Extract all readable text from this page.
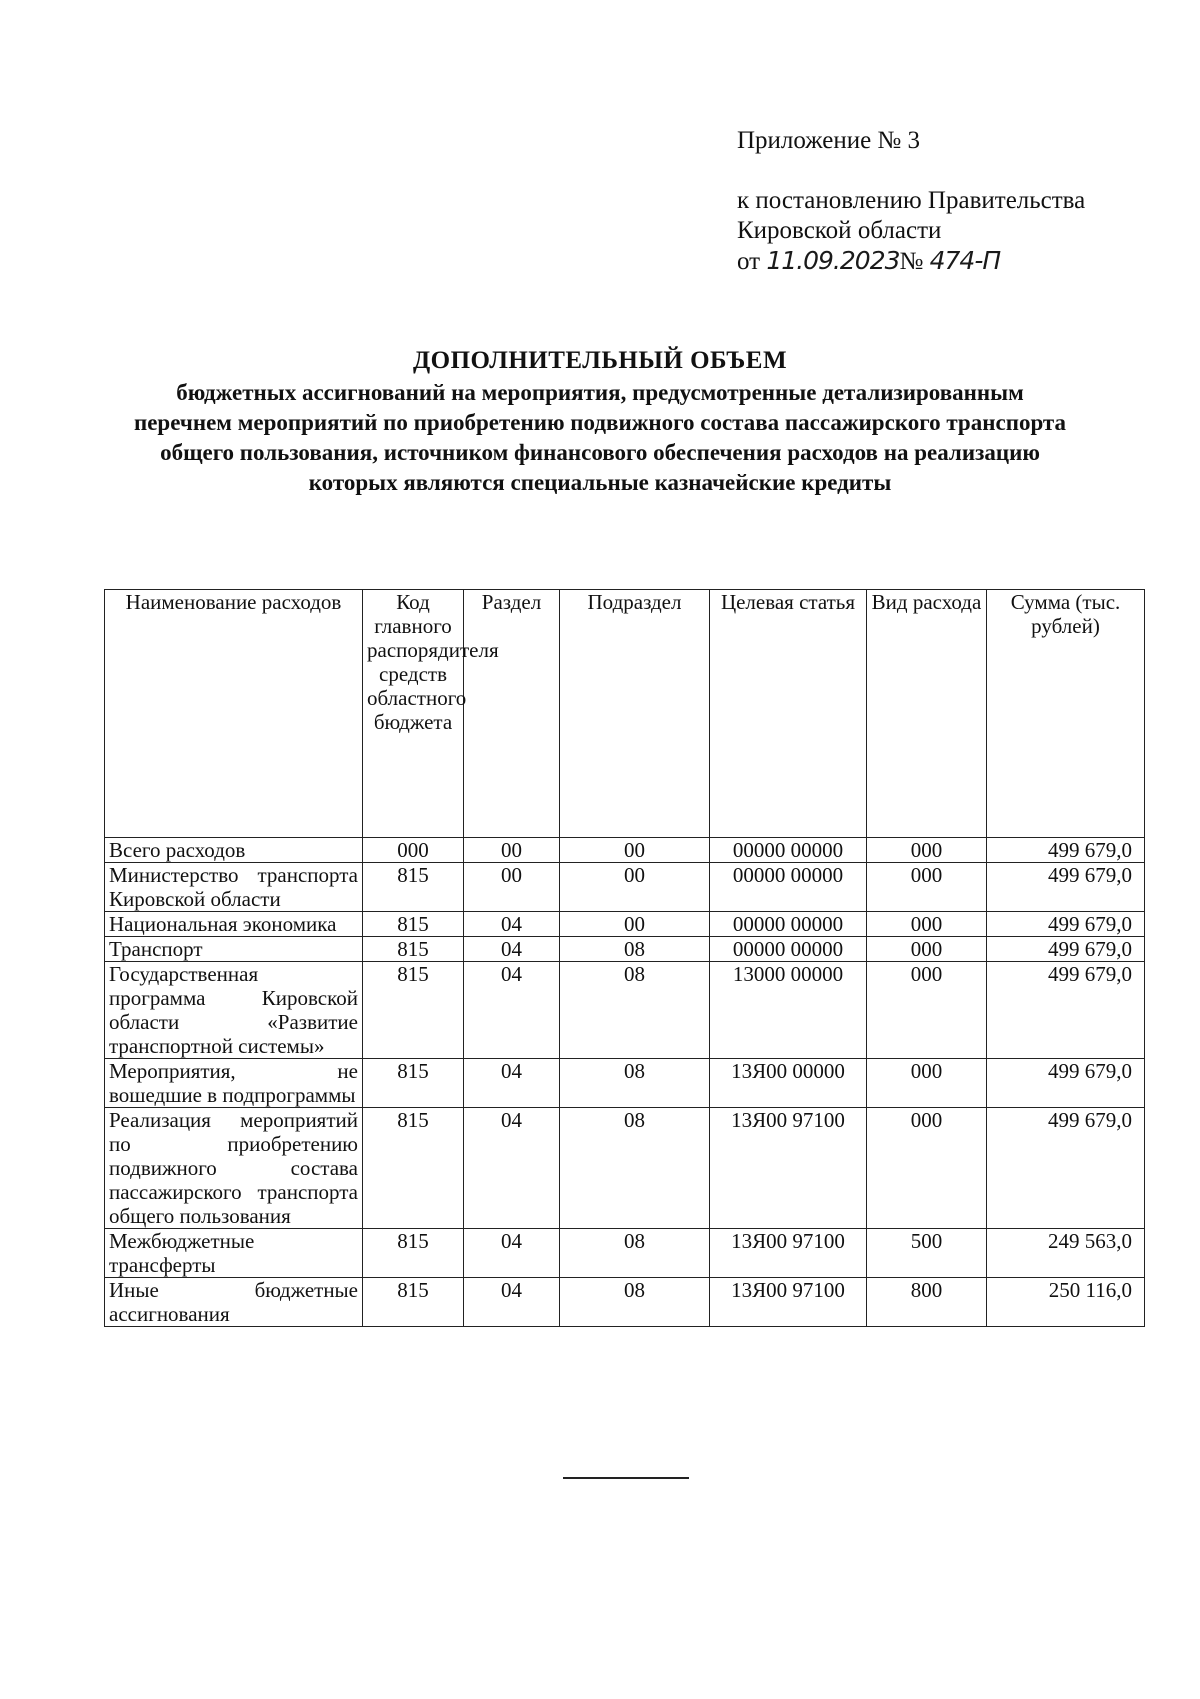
Приложение № 3
к постановлению Правительства
Кировской области
от 11.09.2023№ 474-П
ДОПОЛНИТЕЛЬНЫЙ ОБЪЕМ
бюджетных ассигнований на мероприятия, предусмотренные детализированным перечнем мероприятий по приобретению подвижного состава пассажирского транспорта общего пользования, источником финансового обеспечения расходов на реализацию которых являются специальные казначейские кредиты
Наименование расходов	Код главного распорядителя средств областного бюджета	Раздел	Подраздел	Целевая статья	Вид расхода	Сумма (тыс. рублей)
Всего расходов	000	00	00	00000 00000	000	499 679,0
Министерство транспорта Кировской области	815	00	00	00000 00000	000	499 679,0
Национальная экономика	815	04	00	00000 00000	000	499 679,0
Транспорт	815	04	08	00000 00000	000	499 679,0
Государственная программа Кировской области «Развитие транспортной системы»	815	04	08	13000 00000	000	499 679,0
Мероприятия, не вошедшие в подпрограммы	815	04	08	13Я00 00000	000	499 679,0
Реализация мероприятий по приобретению подвижного состава пассажирского транспорта общего пользования	815	04	08	13Я00 97100	000	499 679,0
Межбюджетные трансферты	815	04	08	13Я00 97100	500	249 563,0
Иные бюджетные ассигнования	815	04	08	13Я00 97100	800	250 116,0
